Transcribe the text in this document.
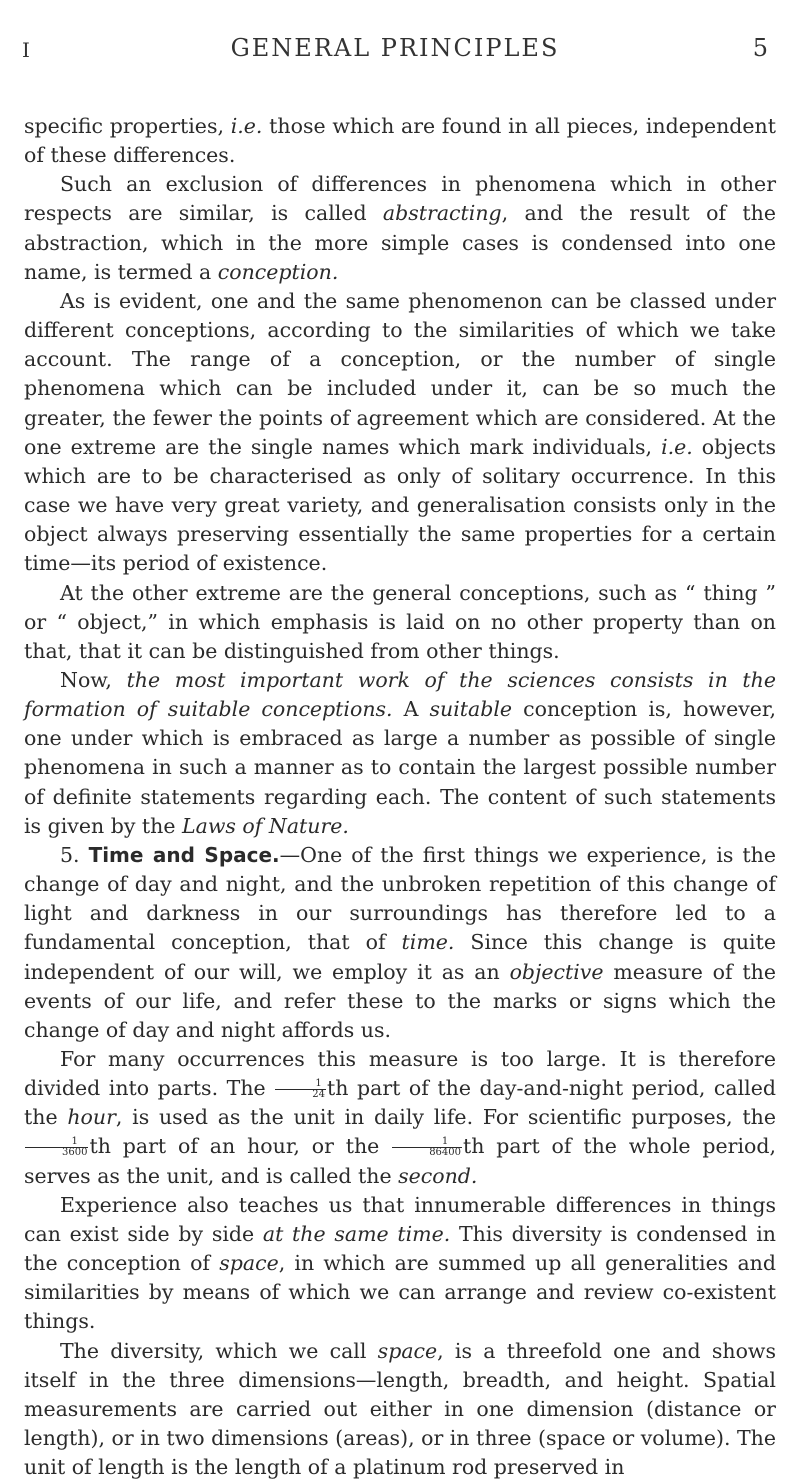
I	GENERAL PRINCIPLES	5

specific properties, i.e. those which are found in all pieces, independent of these differences.

Such an exclusion of differences in phenomena which in other respects are similar, is called abstracting, and the result of the abstraction, which in the more simple cases is condensed into one name, is termed a conception.

As is evident, one and the same phenomenon can be classed under different conceptions, according to the similarities of which we take account. The range of a conception, or the number of single phenomena which can be included under it, can be so much the greater, the fewer the points of agreement which are considered. At the one extreme are the single names which mark individuals, i.e. objects which are to be characterised as only of solitary occurrence. In this case we have very great variety, and generalisation consists only in the object always preserving essentially the same properties for a certain time—its period of existence.

At the other extreme are the general conceptions, such as “ thing ” or “ object,” in which emphasis is laid on no other property than on that, that it can be distinguished from other things.

Now, the most important work of the sciences consists in the formation of suitable conceptions. A suitable conception is, however, one under which is embraced as large a number as possible of single phenomena in such a manner as to contain the largest possible number of definite statements regarding each. The content of such statements is given by the Laws of Nature.

5. Time and Space.—One of the first things we experience, is the change of day and night, and the unbroken repetition of this change of light and darkness in our surroundings has therefore led to a fundamental conception, that of time. Since this change is quite independent of our will, we employ it as an objective measure of the events of our life, and refer these to the marks or signs which the change of day and night affords us.

For many occurrences this measure is too large. It is therefore divided into parts. The $\frac{1}{24}$ th part of the day-and-night period, called the hour, is used as the unit in daily life. For scientific purposes, the
$\frac{1}{3600}$ th part of an hour, or the $\frac{1}{86400}$ th part of the whole period, serves as the unit, and is called the second.

Experience also teaches us that innumerable differences in things can exist side by side at the same time. This diversity is condensed in the conception of space, in which are summed up all generalities and similarities by means of which we can arrange and review co-existent things.

The diversity, which we call space, is a threefold one and shows itself in the three dimensions—length, breadth, and height. Spatial measurements are carried out either in one dimension (distance or length), or in two dimensions (areas), or in three (space or volume). The unit of length is the length of a platinum rod preserved in
